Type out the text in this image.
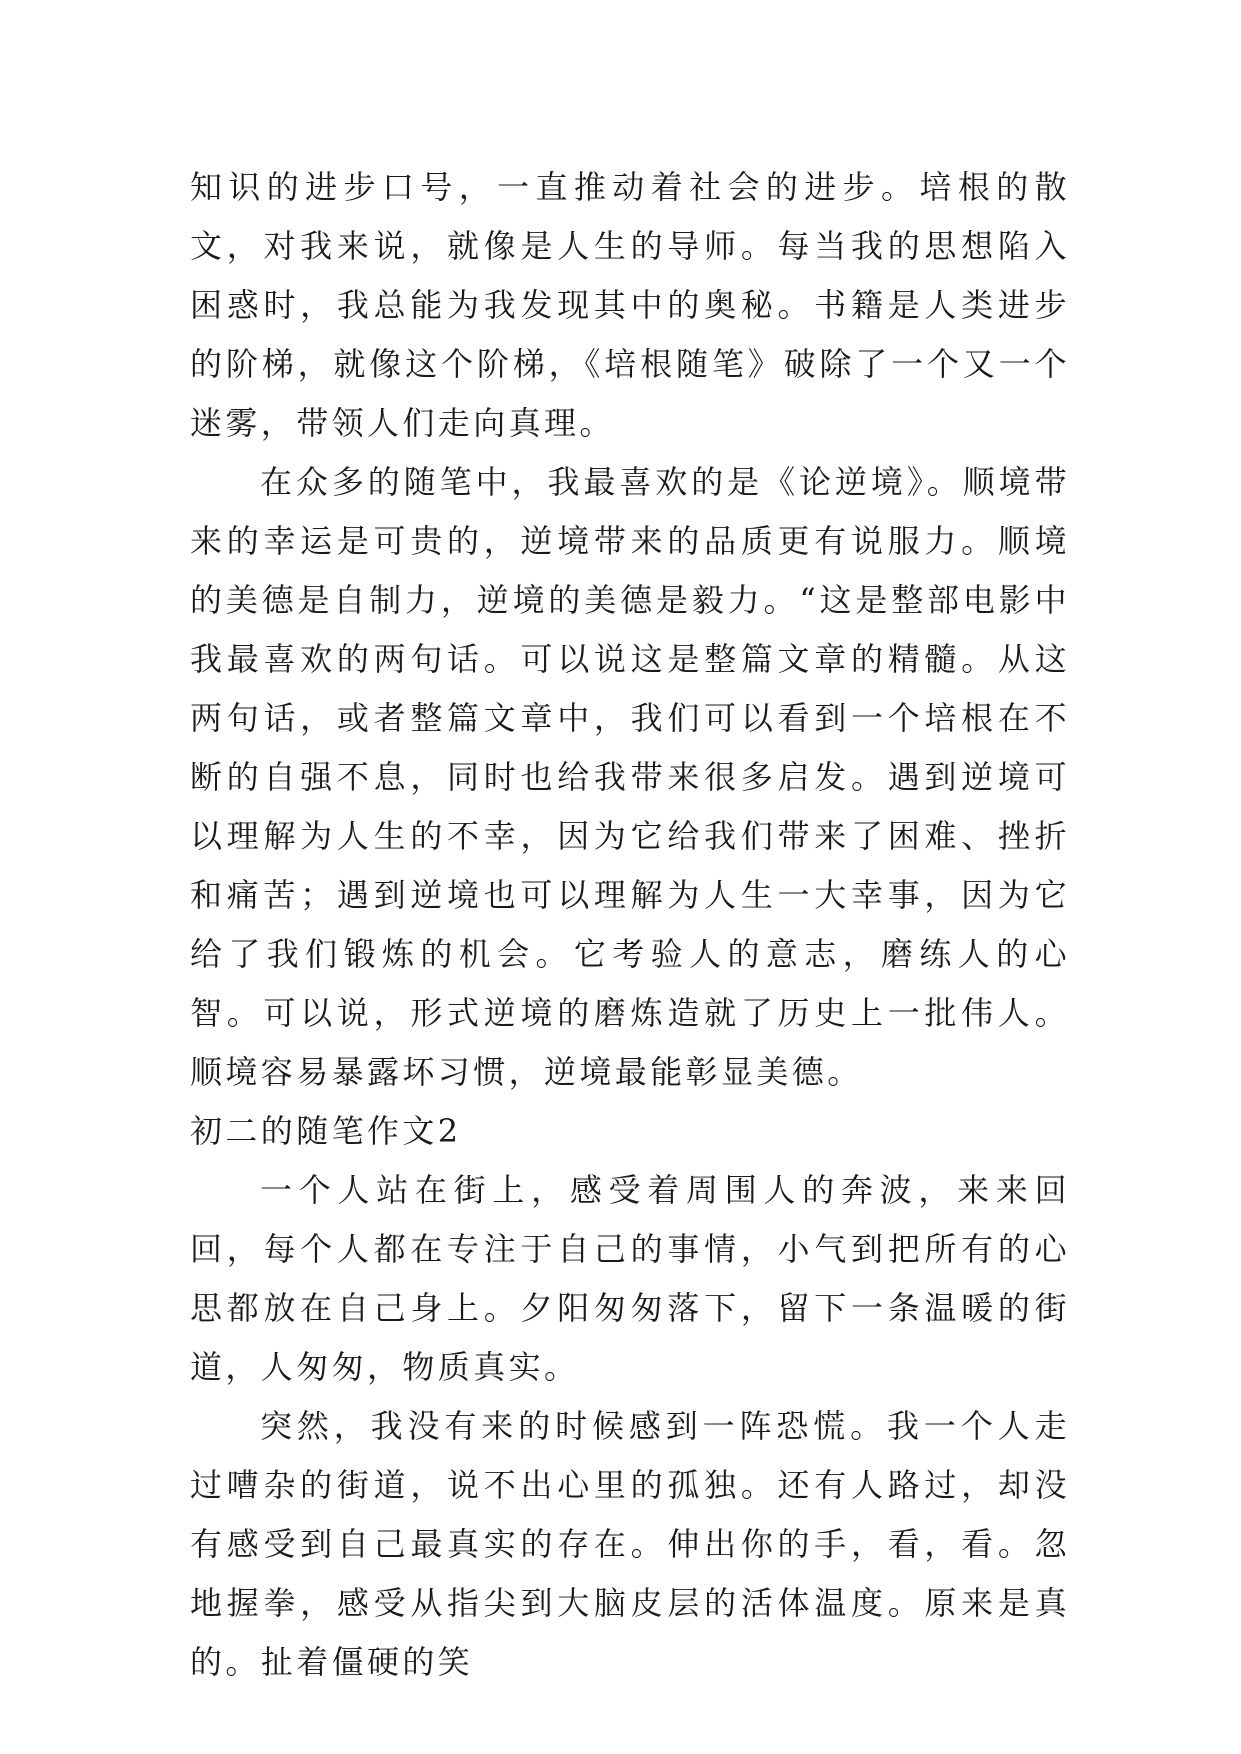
知识的进步口号，一直推动着社会的进步。培根的散文，对我来说，就像是人生的导师。每当我的思想陷入困惑时，我总能为我发现其中的奥秘。书籍是人类进步的阶梯，就像这个阶梯，《培根随笔》破除了一个又一个迷雾，带领人们走向真理。

在众多的随笔中，我最喜欢的是《论逆境》。顺境带来的幸运是可贵的，逆境带来的品质更有说服力。顺境的美德是自制力，逆境的美德是毅力。“这是整部电影中我最喜欢的两句话。可以说这是整篇文章的精髓。从这两句话，或者整篇文章中，我们可以看到一个培根在不断的自强不息，同时也给我带来很多启发。遇到逆境可以理解为人生的不幸，因为它给我们带来了困难、挫折和痛苦；遇到逆境也可以理解为人生一大幸事，因为它给了我们锻炼的机会。它考验人的意志，磨练人的心智。可以说，形式逆境的磨炼造就了历史上一批伟人。顺境容易暴露坏习惯，逆境最能彰显美德。

初二的随笔作文2

一个人站在街上，感受着周围人的奔波，来来回回，每个人都在专注于自己的事情，小气到把所有的心思都放在自己身上。夕阳匆匆落下，留下一条温暖的街道，人匆匆，物质真实。

突然，我没有来的时候感到一阵恐慌。我一个人走过嘈杂的街道，说不出心里的孤独。还有人路过，却没有感受到自己最真实的存在。伸出你的手，看，看。忽地握拳，感受从指尖到大脑皮层的活体温度。原来是真的。扯着僵硬的笑
